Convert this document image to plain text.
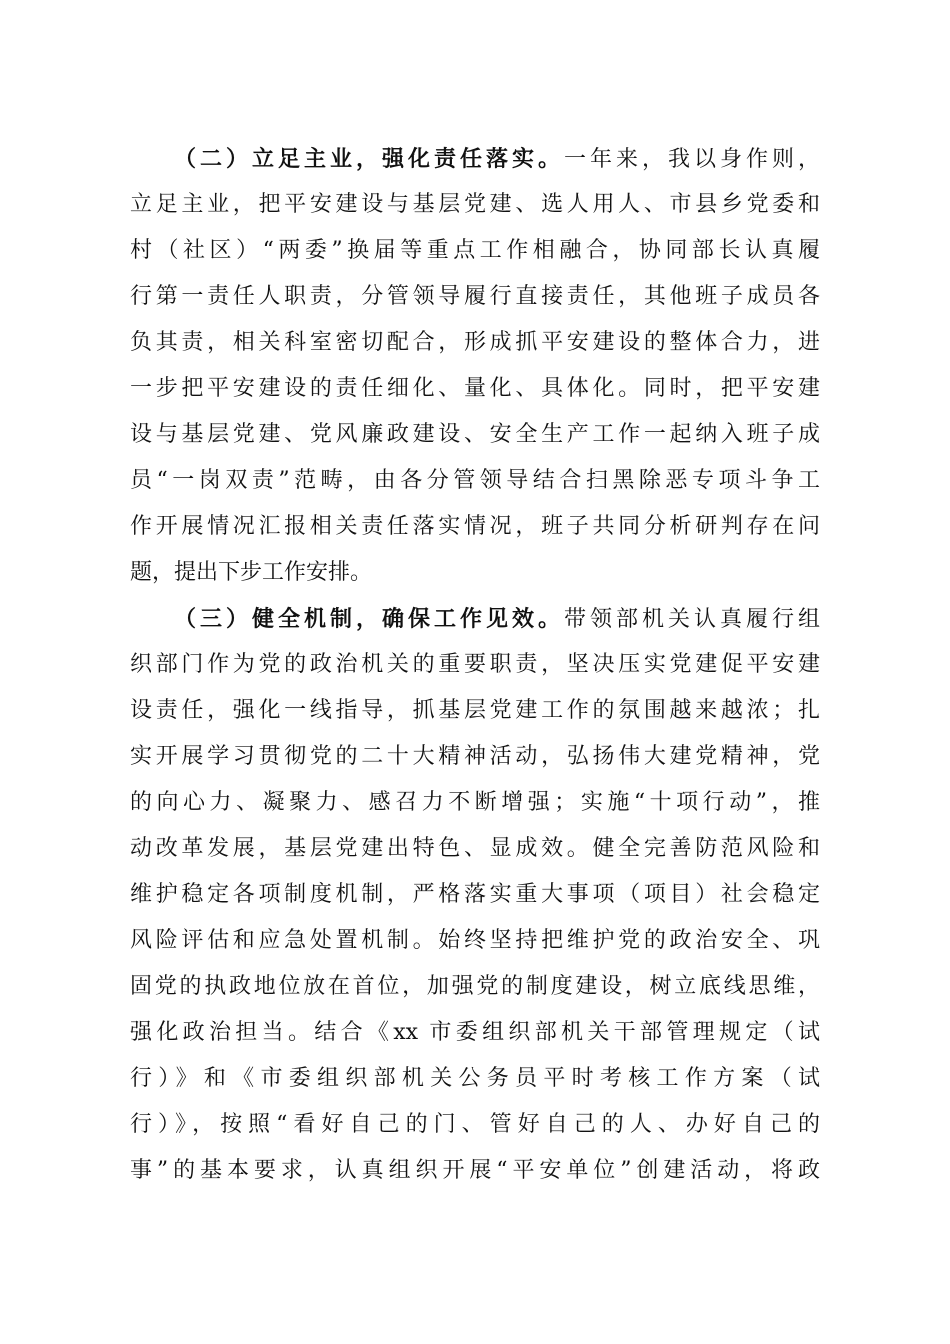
（二）立足主业，强化责任落实。一年来，我以身作则，
立足主业，把平安建设与基层党建、选人用人、市县乡党委和
村（社区）“两委”换届等重点工作相融合，协同部长认真履
行第一责任人职责，分管领导履行直接责任，其他班子成员各
负其责，相关科室密切配合，形成抓平安建设的整体合力，进
一步把平安建设的责任细化、量化、具体化。同时，把平安建
设与基层党建、党风廉政建设、安全生产工作一起纳入班子成
员“一岗双责”范畴，由各分管领导结合扫黑除恶专项斗争工
作开展情况汇报相关责任落实情况，班子共同分析研判存在问
题，提出下步工作安排。
（三）健全机制，确保工作见效。带领部机关认真履行组
织部门作为党的政治机关的重要职责，坚决压实党建促平安建
设责任，强化一线指导，抓基层党建工作的氛围越来越浓；扎
实开展学习贯彻党的二十大精神活动，弘扬伟大建党精神，党
的向心力、凝聚力、感召力不断增强；实施“十项行动”，推
动改革发展，基层党建出特色、显成效。健全完善防范风险和
维护稳定各项制度机制，严格落实重大事项（项目）社会稳定
风险评估和应急处置机制。始终坚持把维护党的政治安全、巩
固党的执政地位放在首位，加强党的制度建设，树立底线思维，
强化政治担当。结合《xx 市委组织部机关干部管理规定（试
行）》和《市委组织部机关公务员平时考核工作方案（试
行）》，按照“看好自己的门、管好自己的人、办好自己的
事”的基本要求，认真组织开展“平安单位”创建活动，将政
